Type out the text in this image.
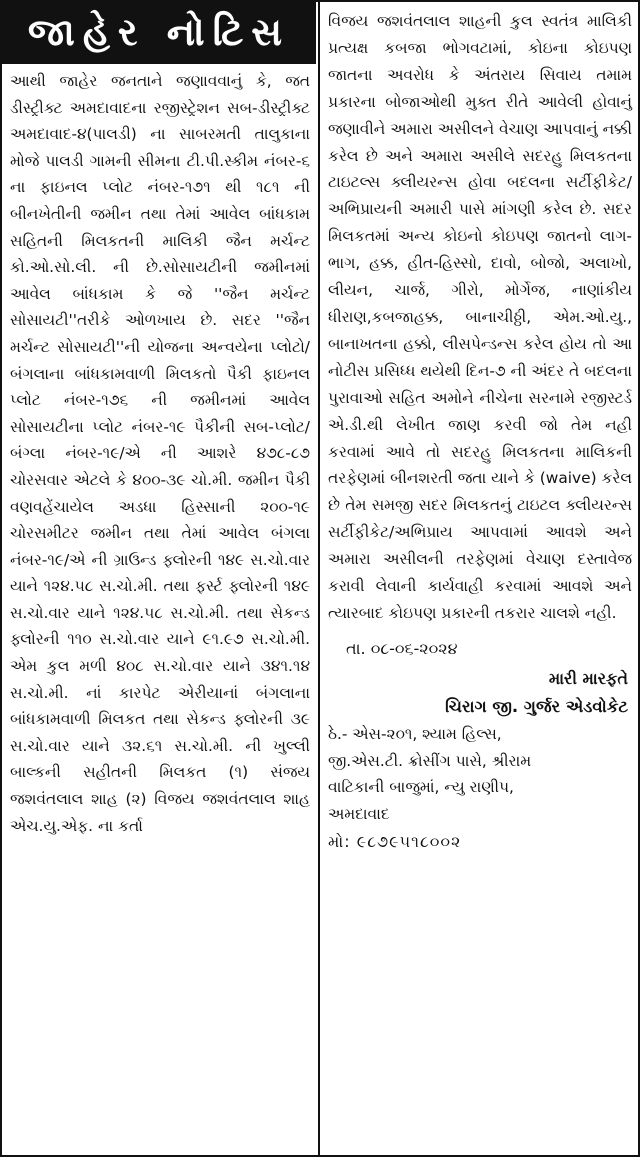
જાહેર નોટિસ
આથી જાહેર જનતાને જણાવવાનું કે, જત ડીસ્ટ્રીક્ટ અમદાવાદના રજીસ્ટ્રેશન સબ-ડીસ્ટ્રીક્ટ અમદાવાદ-૪(પાલડી) ના સાબરમતી તાલુકાના મોજે પાલડી ગામની સીમના ટી.પી.સ્કીમ નંબર-૬ ના ફાઇનલ પ્લોટ નંબર-૧૭૧ થી ૧૮૧ ની બીનખેતીની જમીન તથા તેમાં આવેલ બાંધકામ સહિતની મિલકતની માલિકી જૈન મર્ચન્ટ કો.ઓ.સો.લી. ની છે.સોસાયટીની જમીનમાં આવેલ બાંધકામ કે જે ''જૈન મર્ચન્ટ સોસાયટી''તરીકે ઓળખાય છે. સદર ''જૈન મર્ચન્ટ સોસાયટી''ની યોજના અન્વયેના પ્લોટો/બંગલાના બાંધકામવાળી મિલકતો પૈકી ફાઇનલ પ્લોટ નંબર-૧૭૬ ની જમીનમાં આવેલ સોસાયટીના પ્લોટ નંબર-૧૯ પૈકીની સબ-પ્લોટ/બંગ્લા નંબર-૧૯/એ ની આશરે ૪૭૮-૮૭ ચોરસવાર એટલે કે ૪૦૦-૩૯ ચો.મી. જમીન પૈકી વણવહેંચાયેલ અડધા હિસ્સાની ૨૦૦-૧૯ ચોરસમીટર જમીન તથા તેમાં આવેલ બંગલા નંબર-૧૯/એ ની ગ્રાઉન્ડ ફ્લોરની ૧૪૯ સ.ચો.વાર યાને ૧૨૪.૫૮ સ.ચો.મી. તથા ફર્સ્ટ ફ્લોરની ૧૪૯ સ.ચો.વાર યાને ૧૨૪.૫૮ સ.ચો.મી. તથા સેકન્ડ ફ્લોરની ૧૧૦ સ.ચો.વાર યાને ૯૧.૯૭ સ.ચો.મી. એમ કુલ મળી ૪૦૮ સ.ચો.વાર યાને ૩૪૧.૧૪ સ.ચો.મી. નાં કારપેટ એરીયાનાં બંગલાના બાંધકામવાળી મિલકત તથા સેકન્ડ ફ્લોરની ૩૯ સ.ચો.વાર યાને ૩૨.૬૧ સ.ચો.મી. ની ખુલ્લી બાલ્કની સહીતની મિલકત (૧) સંજય જશવંતલાલ શાહ (૨) વિજય જશવંતલાલ શાહ એચ.યુ.એફ. ના કર્તા
વિજય જશવંતલાલ શાહની કુલ સ્વતંત્ર માલિકી પ્રત્યક્ષ કબજા ભોગવટામાં, કોઇના કોઇપણ જાતના અવરોધ કે અંતરાય સિવાય તમામ પ્રકારના બોજાઓથી મુક્ત રીતે આવેલી હોવાનું જણાવીને અમારા અસીલને વેચાણ આપવાનું નક્કી કરેલ છે અને અમારા અસીલે સદરહુ મિલકતના ટાઇટલ્સ ક્લીયરન્સ હોવા બદલના સર્ટીફીકેટ/ અભિપ્રાયની અમારી પાસે માંગણી કરેલ છે. સદર મિલકતમાં અન્ય કોઇનો કોઇપણ જાતનો લાગ-ભાગ, હક્ક, હીત-હિસ્સો, દાવો, બોજો, અલાખો, લીયન, ચાર્જ, ગીરો, મોર્ગેજ, નાણાંકીય ધીરાણ,કબજાહક્ક, બાનાચીઠ્ઠી, એમ.ઓ.યુ., બાનાખતના હક્કો, લીસપેન્ડન્સ કરેલ હોય તો આ નોટીસ પ્રસિધ્ધ થયેથી દિન-૭ ની અંદર તે બદલના પુરાવાઓ સહિત અમોને નીચેના સરનામે રજીસ્ટર્ડ એ.ડી.થી લેખીત જાણ કરવી જો તેમ નહી કરવામાં આવે તો સદરહુ મિલકતના માલિકની તરફેણમાં બીનશરતી જતા યાને કે (waive) કરેલ છે તેમ સમજી સદર મિલકતનું ટાઇટલ ક્લીયરન્સ સર્ટીફીકેટ/અભિપ્રાય આપવામાં આવશે અને અમારા અસીલની તરફેણમાં વેચાણ દસ્તાવેજ કરાવી લેવાની કાર્યવાહી કરવામાં આવશે અને ત્યારબાદ કોઇપણ પ્રકારની તકરાર ચાલશે નહી.
તા. ૦૮-૦૬-૨૦૨૪
મારી મારફતે
ચિરાગ જી. ગુર્જર એડવોકેટ
ઠે.- એસ-૨૦૧, શ્યામ હિલ્સ,
જી.એસ.ટી. ક્રોસીંગ પાસે, શ્રીરામ
વાટિકાની બાજુમાં, ન્યુ રાણીપ,
અમદાવાદ
મો: ૯૮૭૯૫૧૮૦૦૨
